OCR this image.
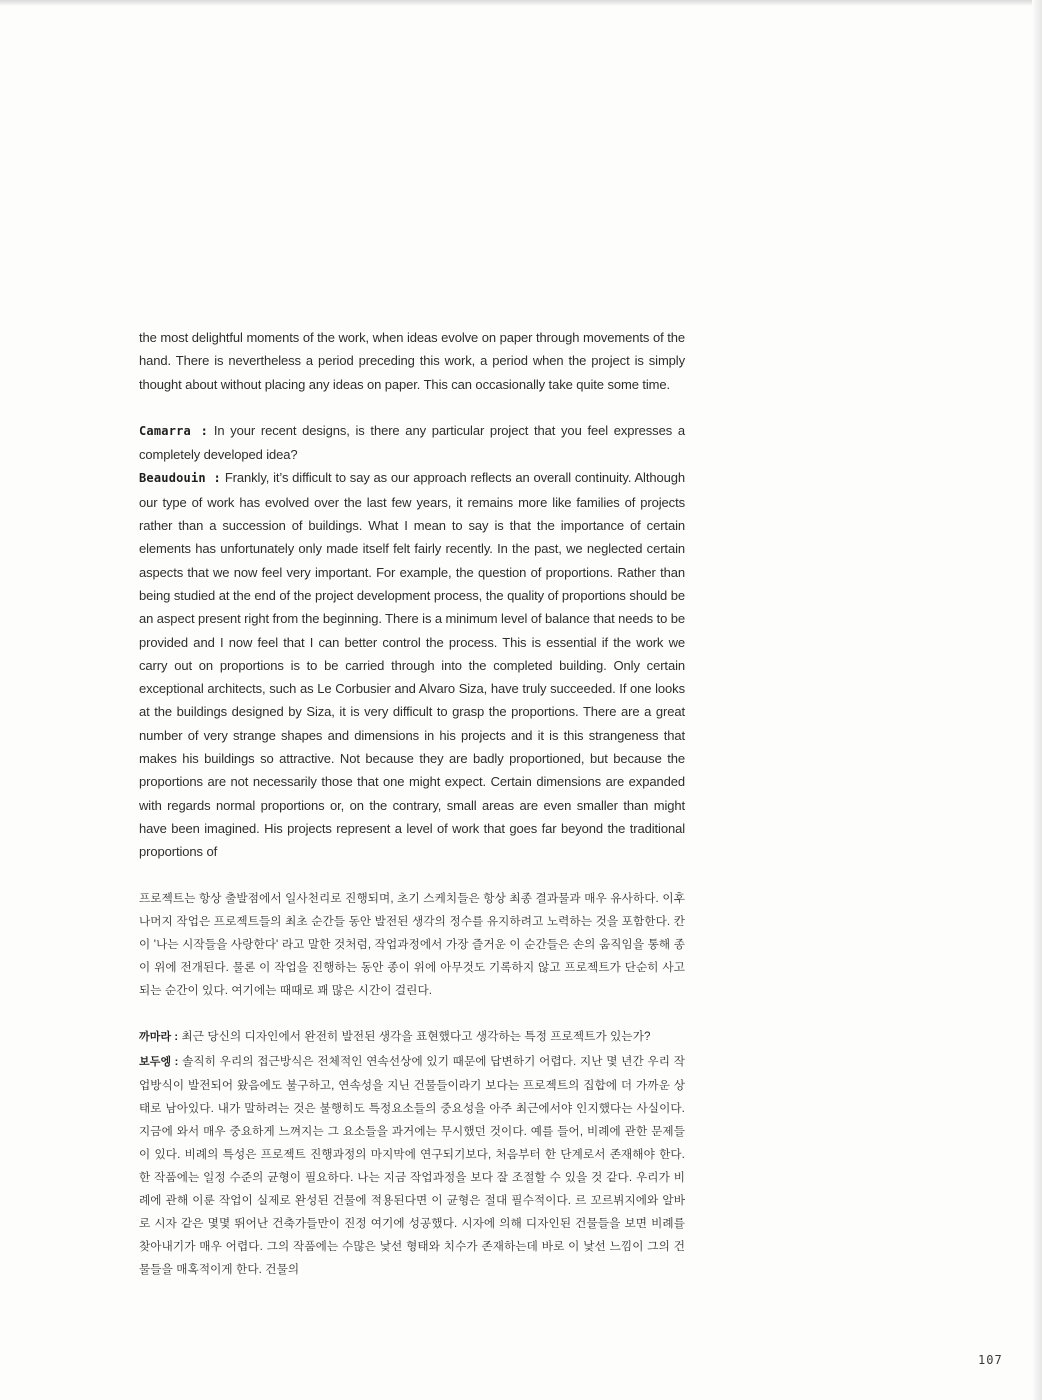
the most delightful moments of the work, when ideas evolve on paper through movements of the hand. There is nevertheless a period preceding this work, a period when the project is simply thought about without placing any ideas on paper. This can occasionally take quite some time.

Camarra : In your recent designs, is there any particular project that you feel expresses a completely developed idea?

Beaudouin : Frankly, it’s difficult to say as our approach reflects an overall continuity. Although our type of work has evolved over the last few years, it remains more like families of projects rather than a succession of buildings. What I mean to say is that the importance of certain elements has unfortunately only made itself felt fairly recently. In the past, we neglected certain aspects that we now feel very important. For example, the question of proportions. Rather than being studied at the end of the project development process, the quality of proportions should be an aspect present right from the beginning. There is a minimum level of balance that needs to be provided and I now feel that I can better control the process. This is essential if the work we carry out on proportions is to be carried through into the completed building. Only certain exceptional architects, such as Le Corbusier and Alvaro Siza, have truly succeeded. If one looks at the buildings designed by Siza, it is very difficult to grasp the proportions. There are a great number of very strange shapes and dimensions in his projects and it is this strangeness that makes his buildings so attractive. Not because they are badly proportioned, but because the proportions are not necessarily those that one might expect. Certain dimensions are expanded with regards normal proportions or, on the contrary, small areas are even smaller than might have been imagined. His projects represent a level of work that goes far beyond the traditional proportions of

프로젝트는 항상 출발점에서 일사천리로 진행되며, 초기 스케치들은 항상 최종 결과물과 매우 유사하다. 이후 나머지 작업은 프로젝트들의 최초 순간들 동안 발전된 생각의 정수를 유지하려고 노력하는 것을 포함한다. 칸이 '나는 시작들을 사랑한다' 라고 말한 것처럼, 작업과정에서 가장 즐거운 이 순간들은 손의 움직임을 통해 종이 위에 전개된다. 물론 이 작업을 진행하는 동안 종이 위에 아무것도 기록하지 않고 프로젝트가 단순히 사고되는 순간이 있다. 여기에는 때때로 꽤 많은 시간이 걸린다.

까마라 : 최근 당신의 디자인에서 완전히 발전된 생각을 표현했다고 생각하는 특정 프로젝트가 있는가?

보두엥 : 솔직히 우리의 접근방식은 전체적인 연속선상에 있기 때문에 답변하기 어렵다. 지난 몇 년간 우리 작업방식이 발전되어 왔음에도 불구하고, 연속성을 지닌 건물들이라기 보다는 프로젝트의 집합에 더 가까운 상태로 남아있다. 내가 말하려는 것은 불행히도 특정요소들의 중요성을 아주 최근에서야 인지했다는 사실이다. 지금에 와서 매우 중요하게 느껴지는 그 요소들을 과거에는 무시했던 것이다. 예를 들어, 비례에 관한 문제들이 있다. 비례의 특성은 프로젝트 진행과정의 마지막에 연구되기보다, 처음부터 한 단계로서 존재해야 한다. 한 작품에는 일정 수준의 균형이 필요하다. 나는 지금 작업과정을 보다 잘 조절할 수 있을 것 같다. 우리가 비례에 관해 이룬 작업이 실제로 완성된 건물에 적용된다면 이 균형은 절대 필수적이다. 르 꼬르뷔지에와 알바로 시자 같은 몇몇 뛰어난 건축가들만이 진정 여기에 성공했다. 시자에 의해 디자인된 건물들을 보면 비례를 찾아내기가 매우 어렵다. 그의 작품에는 수많은 낯선 형태와 치수가 존재하는데 바로 이 낯선 느낌이 그의 건물들을 매혹적이게 한다. 건물의

107
